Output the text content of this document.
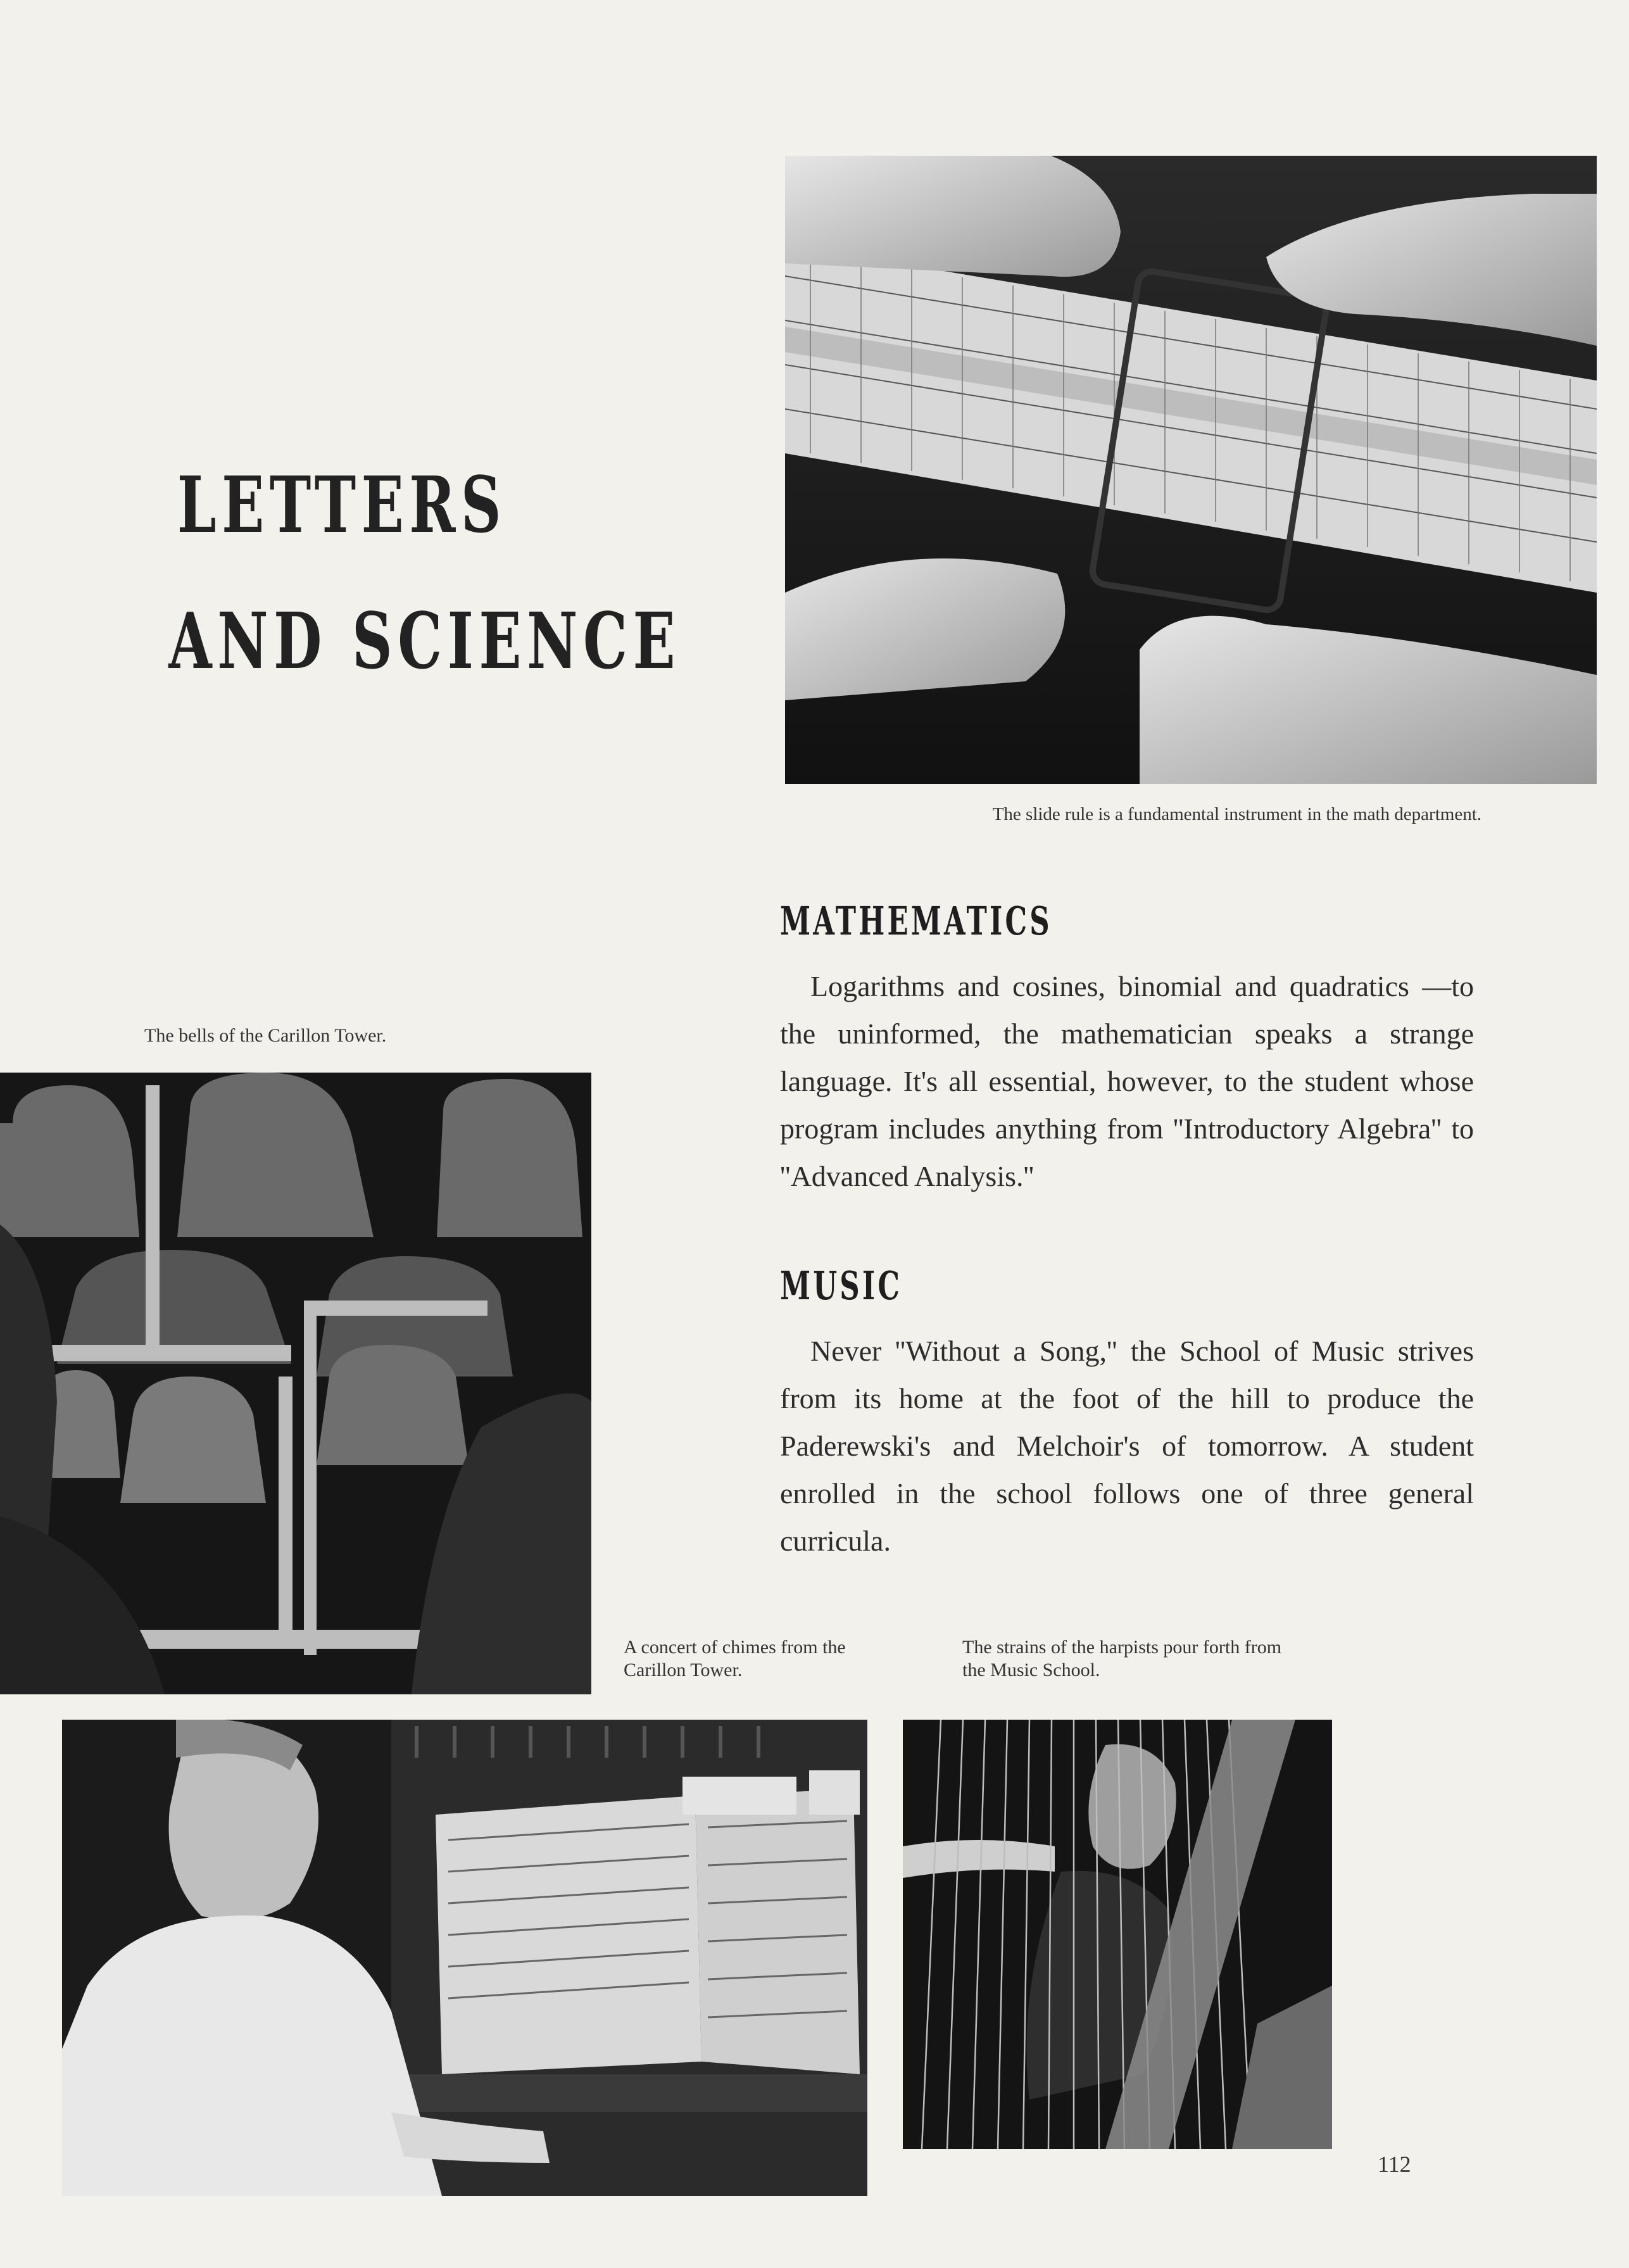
LETTERS
AND SCIENCE
The slide rule is a fundamental instrument in the math department.
MATHEMATICS
Logarithms and cosines, binomial and quadratics —to the uninformed, the mathematician speaks a strange language. It's all essential, however, to the student whose program includes anything from ''Introductory Algebra'' to ''Advanced Analysis.''
MUSIC
Never ''Without a Song,'' the School of Music strives from its home at the foot of the hill to produce the Paderewski's and Melchoir's of tomorrow. A student enrolled in the school follows one of three general curricula.
The bells of the Carillon Tower.
A concert of chimes from the Carillon Tower.
The strains of the harpists pour forth from the Music School.
112
